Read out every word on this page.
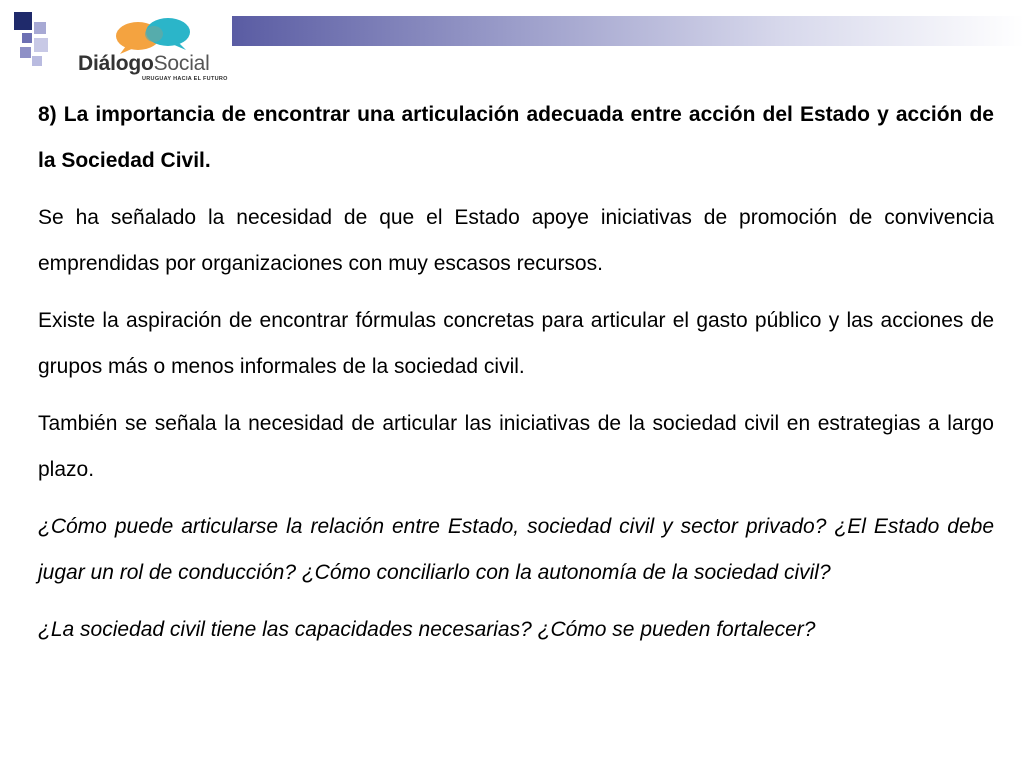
DiálogoSocial
URUGUAY HACIA EL FUTURO

8) La importancia de encontrar una articulación adecuada entre acción del Estado y acción de la Sociedad Civil.

Se ha señalado la necesidad de que el Estado apoye iniciativas de promoción de convivencia emprendidas por organizaciones con muy escasos recursos.

Existe la aspiración de encontrar fórmulas concretas para articular el gasto público y las acciones de grupos más o menos informales de la sociedad civil.

También se señala la necesidad de articular las iniciativas de la sociedad civil en estrategias a largo plazo.

¿Cómo puede articularse la relación entre Estado, sociedad civil y sector privado? ¿El Estado debe jugar un rol de conducción? ¿Cómo conciliarlo con la autonomía de la sociedad civil?

¿La sociedad civil tiene las capacidades necesarias? ¿Cómo se pueden fortalecer?
